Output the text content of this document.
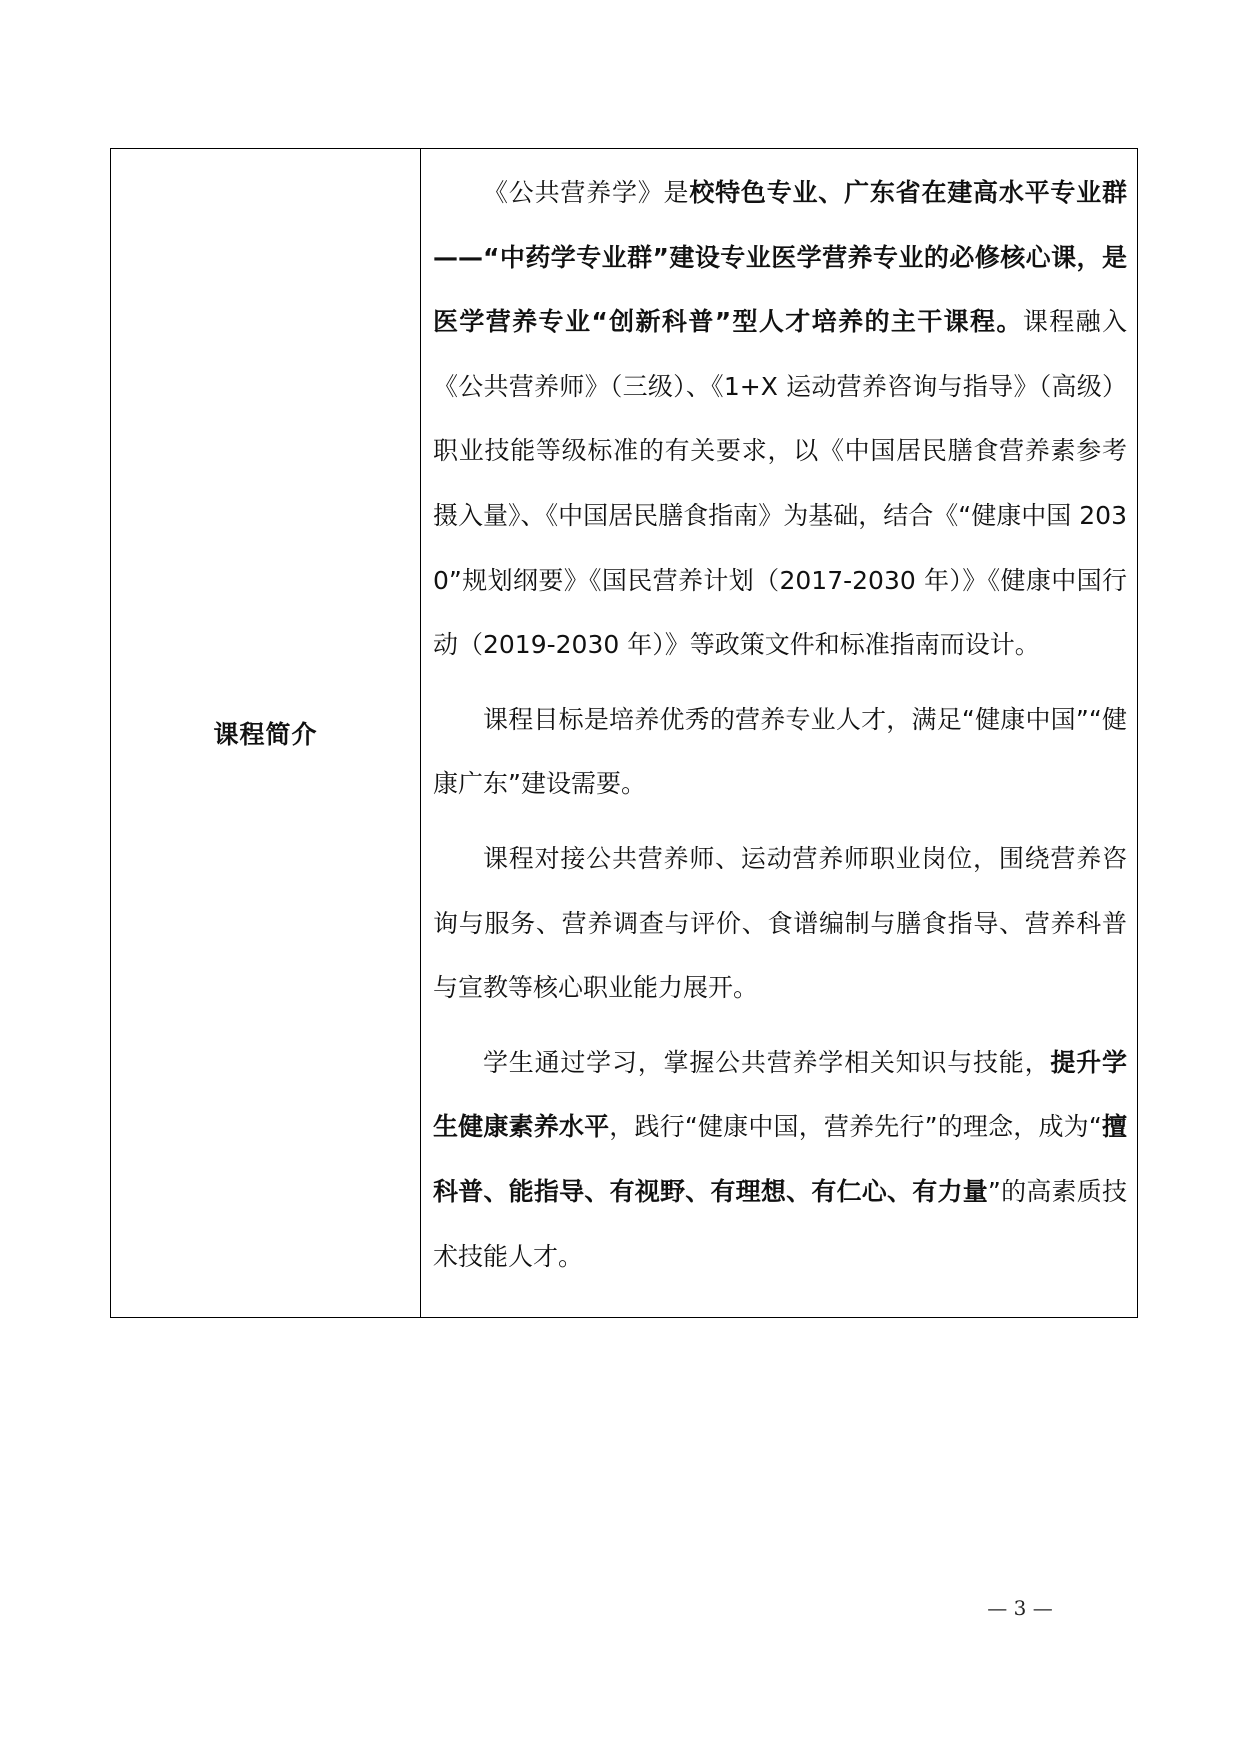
课程简介	

《公共营养学》是校特色专业、广东省在建高水平专业群——“中药学专业群”建设专业医学营养专业的必修核心课，是医学营养专业“创新科普”型人才培养的主干课程。课程融入《公共营养师》（三级）、《1+X 运动营养咨询与指导》（高级）职业技能等级标准的有关要求，以《中国居民膳食营养素参考摄入量》、《中国居民膳食指南》为基础，结合《“健康中国 2030”规划纲要》《国民营养计划（2017-2030 年）》《健康中国行动（2019-2030 年）》等政策文件和标准指南而设计。

课程目标是培养优秀的营养专业人才，满足“健康中国”“健康广东”建设需要。

课程对接公共营养师、运动营养师职业岗位，围绕营养咨询与服务、营养调查与评价、食谱编制与膳食指导、营养科普与宣教等核心职业能力展开。

学生通过学习，掌握公共营养学相关知识与技能，提升学生健康素养水平，践行“健康中国，营养先行”的理念，成为“擅科普、能指导、有视野、有理想、有仁心、有力量”的高素质技术技能人才。

— 3 —
